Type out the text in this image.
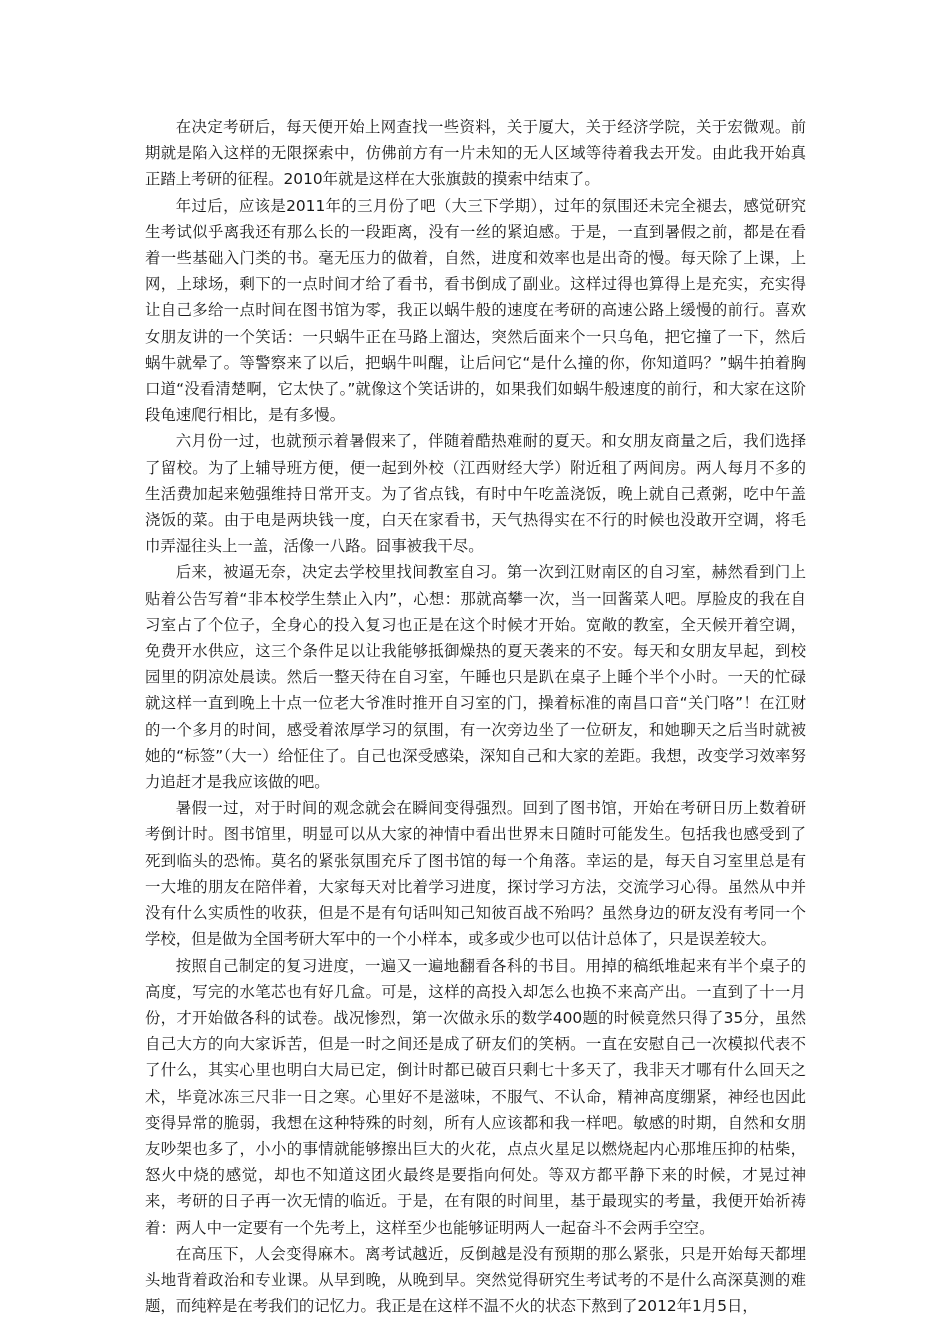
在决定考研后，每天便开始上网查找一些资料，关于厦大，关于经济学院，关于宏微观。前期就是陷入这样的无限探索中，仿佛前方有一片未知的无人区域等待着我去开发。由此我开始真正踏上考研的征程。2010年就是这样在大张旗鼓的摸索中结束了。

年过后，应该是2011年的三月份了吧（大三下学期），过年的氛围还未完全褪去，感觉研究生考试似乎离我还有那么长的一段距离，没有一丝的紧迫感。于是，一直到暑假之前，都是在看着一些基础入门类的书。毫无压力的做着，自然，进度和效率也是出奇的慢。每天除了上课，上网，上球场，剩下的一点时间才给了看书，看书倒成了副业。这样过得也算得上是充实，充实得让自己多给一点时间在图书馆为零，我正以蜗牛般的速度在考研的高速公路上缓慢的前行。喜欢女朋友讲的一个笑话：一只蜗牛正在马路上溜达，突然后面来个一只乌龟，把它撞了一下，然后蜗牛就晕了。等警察来了以后，把蜗牛叫醒，让后问它“是什么撞的你，你知道吗？”蜗牛拍着胸口道“没看清楚啊，它太快了。”就像这个笑话讲的，如果我们如蜗牛般速度的前行，和大家在这阶段龟速爬行相比，是有多慢。

六月份一过，也就预示着暑假来了，伴随着酷热难耐的夏天。和女朋友商量之后，我们选择了留校。为了上辅导班方便，便一起到外校（江西财经大学）附近租了两间房。两人每月不多的生活费加起来勉强维持日常开支。为了省点钱，有时中午吃盖浇饭，晚上就自己煮粥，吃中午盖浇饭的菜。由于电是两块钱一度，白天在家看书，天气热得实在不行的时候也没敢开空调，将毛巾弄湿往头上一盖，活像一八路。囧事被我干尽。

后来，被逼无奈，决定去学校里找间教室自习。第一次到江财南区的自习室，赫然看到门上贴着公告写着“非本校学生禁止入内”，心想：那就高攀一次，当一回酱菜人吧。厚脸皮的我在自习室占了个位子，全身心的投入复习也正是在这个时候才开始。宽敞的教室，全天候开着空调，免费开水供应，这三个条件足以让我能够抵御燥热的夏天袭来的不安。每天和女朋友早起，到校园里的阴凉处晨读。然后一整天待在自习室，午睡也只是趴在桌子上睡个半个小时。一天的忙碌就这样一直到晚上十点一位老大爷准时推开自习室的门，操着标准的南昌口音“关门咯”！在江财的一个多月的时间，感受着浓厚学习的氛围，有一次旁边坐了一位研友，和她聊天之后当时就被她的“标签”（大一）给怔住了。自己也深受感染，深知自己和大家的差距。我想，改变学习效率努力追赶才是我应该做的吧。

暑假一过，对于时间的观念就会在瞬间变得强烈。回到了图书馆，开始在考研日历上数着研考倒计时。图书馆里，明显可以从大家的神情中看出世界末日随时可能发生。包括我也感受到了死到临头的恐怖。莫名的紧张氛围充斥了图书馆的每一个角落。幸运的是，每天自习室里总是有一大堆的朋友在陪伴着，大家每天对比着学习进度，探讨学习方法，交流学习心得。虽然从中并没有什么实质性的收获，但是不是有句话叫知己知彼百战不殆吗？虽然身边的研友没有考同一个学校，但是做为全国考研大军中的一个小样本，或多或少也可以估计总体了，只是误差较大。

按照自己制定的复习进度，一遍又一遍地翻看各科的书目。用掉的稿纸堆起来有半个桌子的高度，写完的水笔芯也有好几盒。可是，这样的高投入却怎么也换不来高产出。一直到了十一月份，才开始做各科的试卷。战况惨烈，第一次做永乐的数学400题的时候竟然只得了35分，虽然自己大方的向大家诉苦，但是一时之间还是成了研友们的笑柄。一直在安慰自己一次模拟代表不了什么，其实心里也明白大局已定，倒计时都已破百只剩七十多天了，我非天才哪有什么回天之术，毕竟冰冻三尺非一日之寒。心里好不是滋味，不服气、不认命，精神高度绷紧，神经也因此变得异常的脆弱，我想在这种特殊的时刻，所有人应该都和我一样吧。敏感的时期，自然和女朋友吵架也多了，小小的事情就能够擦出巨大的火花，点点火星足以燃烧起内心那堆压抑的枯柴，怒火中烧的感觉，却也不知道这团火最终是要指向何处。等双方都平静下来的时候，才晃过神来，考研的日子再一次无情的临近。于是，在有限的时间里，基于最现实的考量，我便开始祈祷着：两人中一定要有一个先考上，这样至少也能够证明两人一起奋斗不会两手空空。

在高压下，人会变得麻木。离考试越近，反倒越是没有预期的那么紧张，只是开始每天都埋头地背着政治和专业课。从早到晚，从晚到早。突然觉得研究生考试考的不是什么高深莫测的难题，而纯粹是在考我们的记忆力。我正是在这样不温不火的状态下熬到了2012年1月5日，
